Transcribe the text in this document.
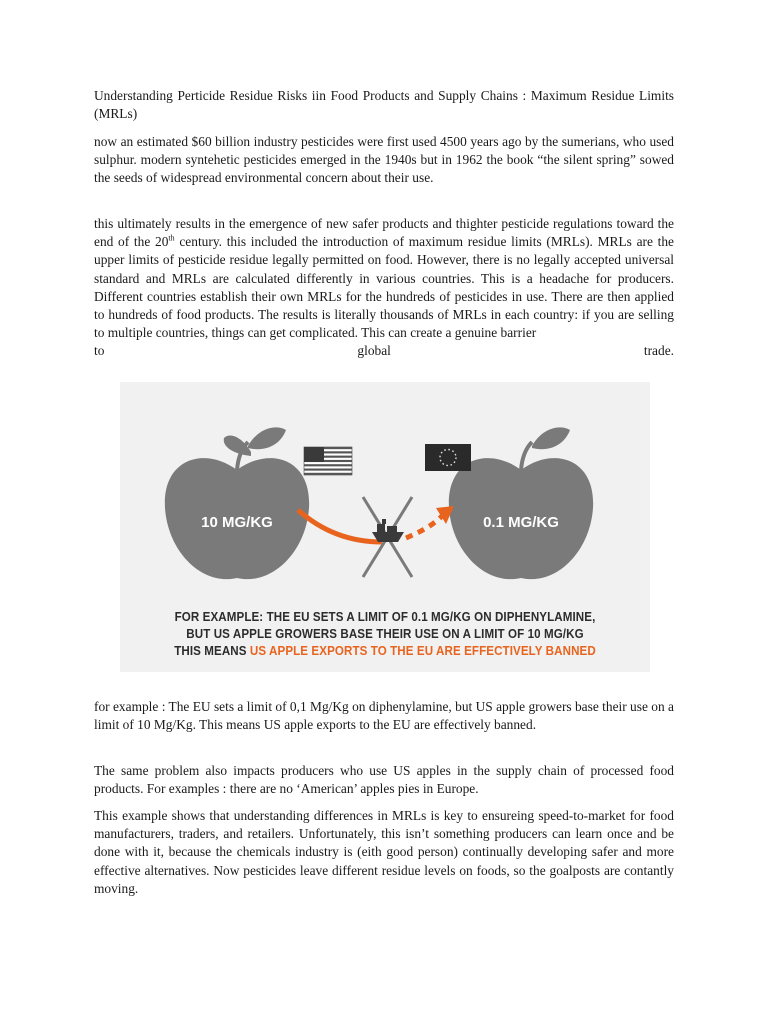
Understanding Perticide Residue Risks iin Food Products and Supply Chains : Maximum Residue Limits (MRLs)

now an estimated $60 billion industry pesticides were first used 4500 years ago by the sumerians, who used sulphur. modern syntehetic pesticides emerged in the 1940s but in 1962 the book “the silent spring” sowed the seeds of widespread environmental concern about their use.

this ultimately results in the emergence of new safer products and thighter pesticide regulations toward the end of the 20th century. this included the introduction of maximum residue limits (MRLs). MRLs are the upper limits of pesticide residue legally permitted on food. However, there is no legally accepted universal standard and MRLs are calculated differently in various countries. This is a headache for producers. Different countries establish their own MRLs for the hundreds of pesticides in use. There are then applied to hundreds of food products. The results is literally thousands of MRLs in each country: if you are selling to multiple countries, things can get complicated. This can create a genuine barrier

to global trade.

10 MG/KG	0.1 MG/KG
FOR EXAMPLE: THE EU SETS A LIMIT OF 0.1 MG/KG ON DIPHENYLAMINE,
BUT US APPLE GROWERS BASE THEIR USE ON A LIMIT OF 10 MG/KG
THIS MEANS US APPLE EXPORTS TO THE EU ARE EFFECTIVELY BANNED

for example : The EU sets a limit of 0,1 Mg/Kg on diphenylamine, but US apple growers base their use on a limit of 10 Mg/Kg. This means US apple exports to the EU are effectively banned.

The same problem also impacts producers who use US apples in the supply chain of processed food products. For examples : there are no ‘American’ apples pies in Europe.

This example shows that understanding differences in MRLs is key to ensureing speed-to-market for food manufacturers, traders, and retailers. Unfortunately, this isn’t something producers can learn once and be done with it, because the chemicals industry is (eith good person) continually developing safer and more effective alternatives. Now pesticides leave different residue levels on foods, so the goalposts are contantly moving.
